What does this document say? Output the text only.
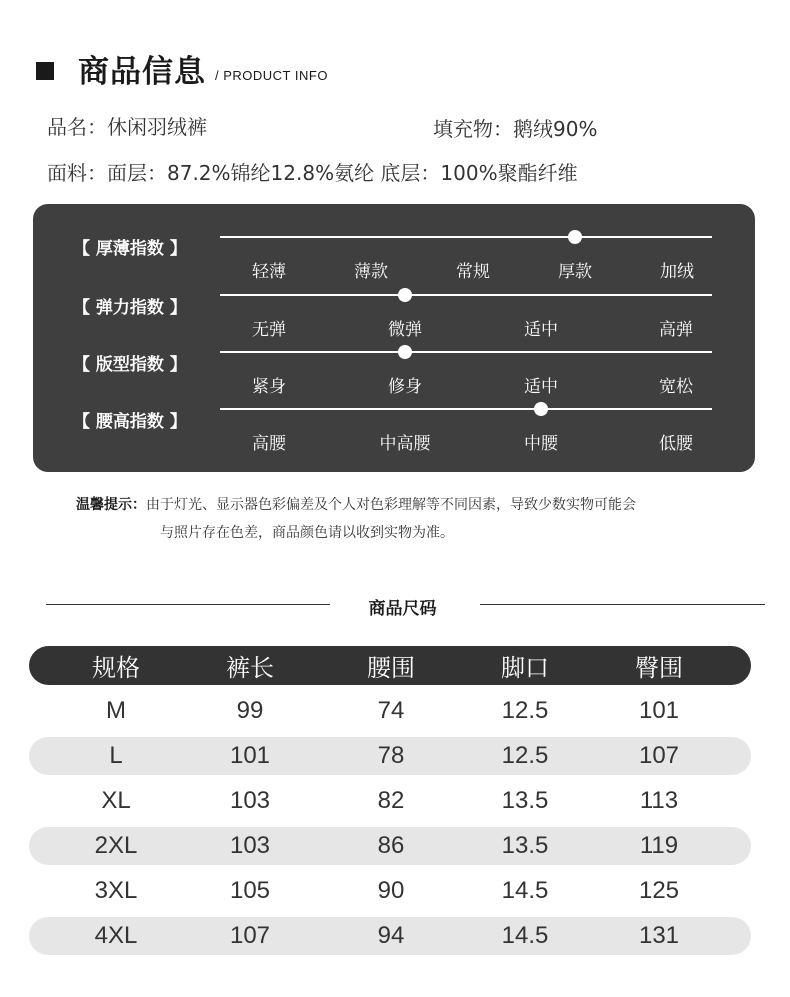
商品信息 / PRODUCT INFO
品名：休闲羽绒裤	填充物：鹅绒90%
面料：面层：87.2%锦纶12.8%氨纶 底层：100%聚酯纤维
【 厚薄指数 】
轻薄	薄款	常规	厚款	加绒
【 弹力指数 】
无弹	微弹	适中	高弹
【 版型指数 】
紧身	修身	适中	宽松
【 腰高指数 】
高腰	中高腰	中腰	低腰
温馨提示：由于灯光、显示器色彩偏差及个人对色彩理解等不同因素，导致少数实物可能会
与照片存在色差，商品颜色请以收到实物为准。
商品尺码
规格	裤长	腰围	脚口	臀围
M	99	74	12.5	101
L	101	78	12.5	107
XL	103	82	13.5	113
2XL	103	86	13.5	119
3XL	105	90	14.5	125
4XL	107	94	14.5	131
